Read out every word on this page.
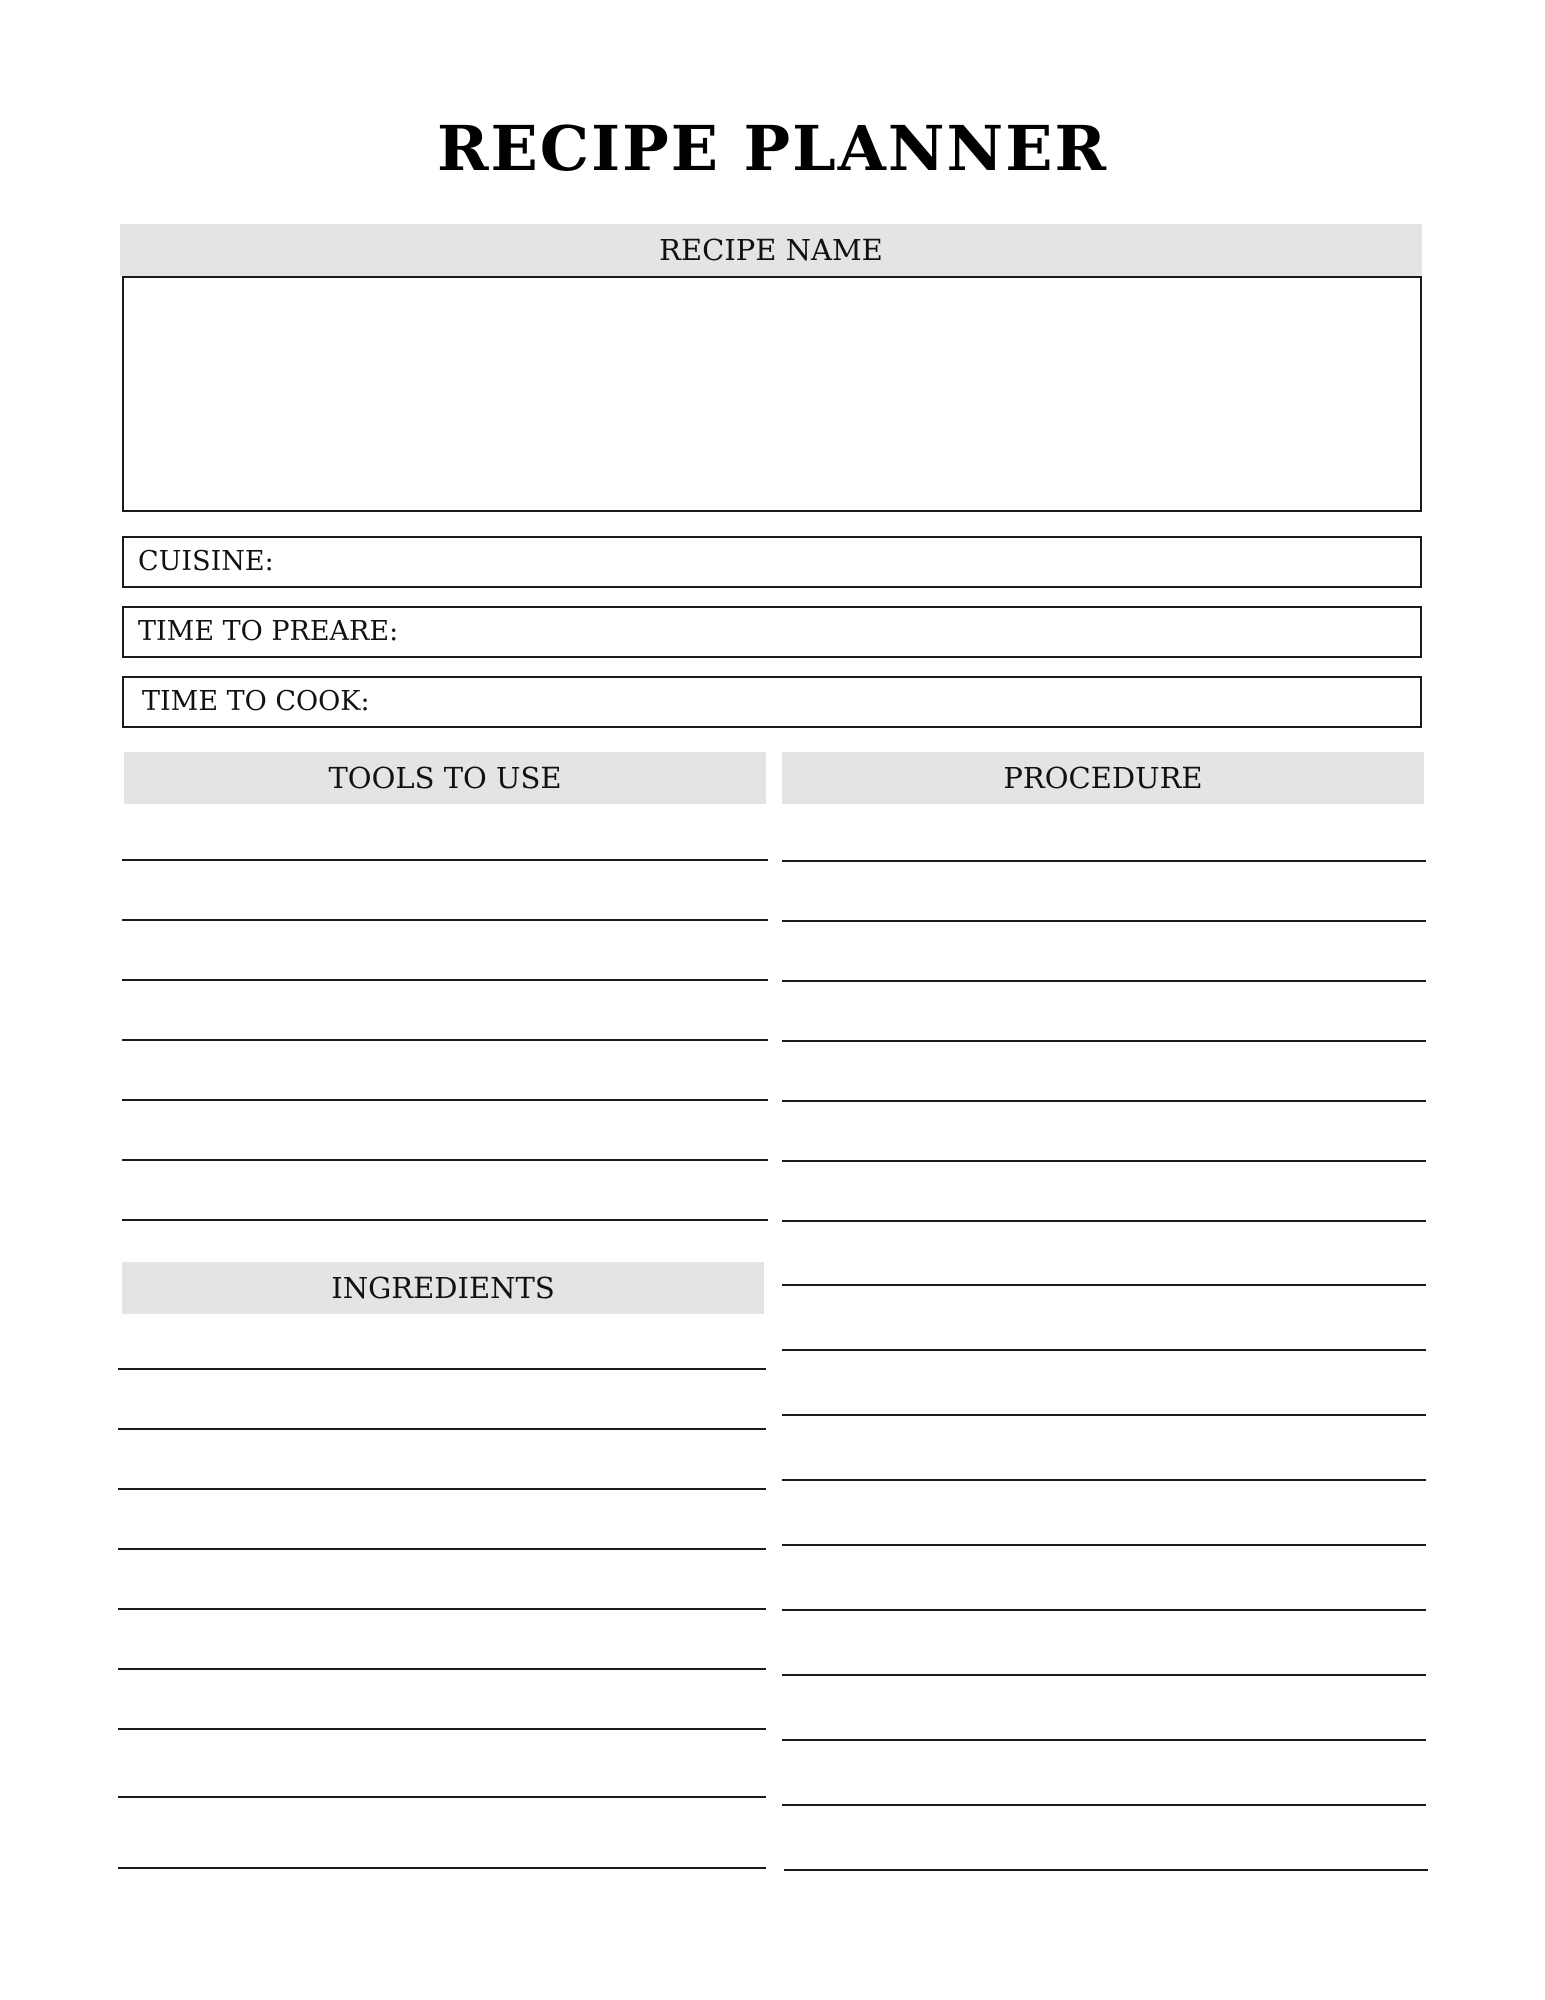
RECIPE PLANNER
RECIPE NAME
CUISINE:
TIME TO PREARE:
TIME TO COOK:
TOOLS TO USE	PROCEDURE
INGREDIENTS
